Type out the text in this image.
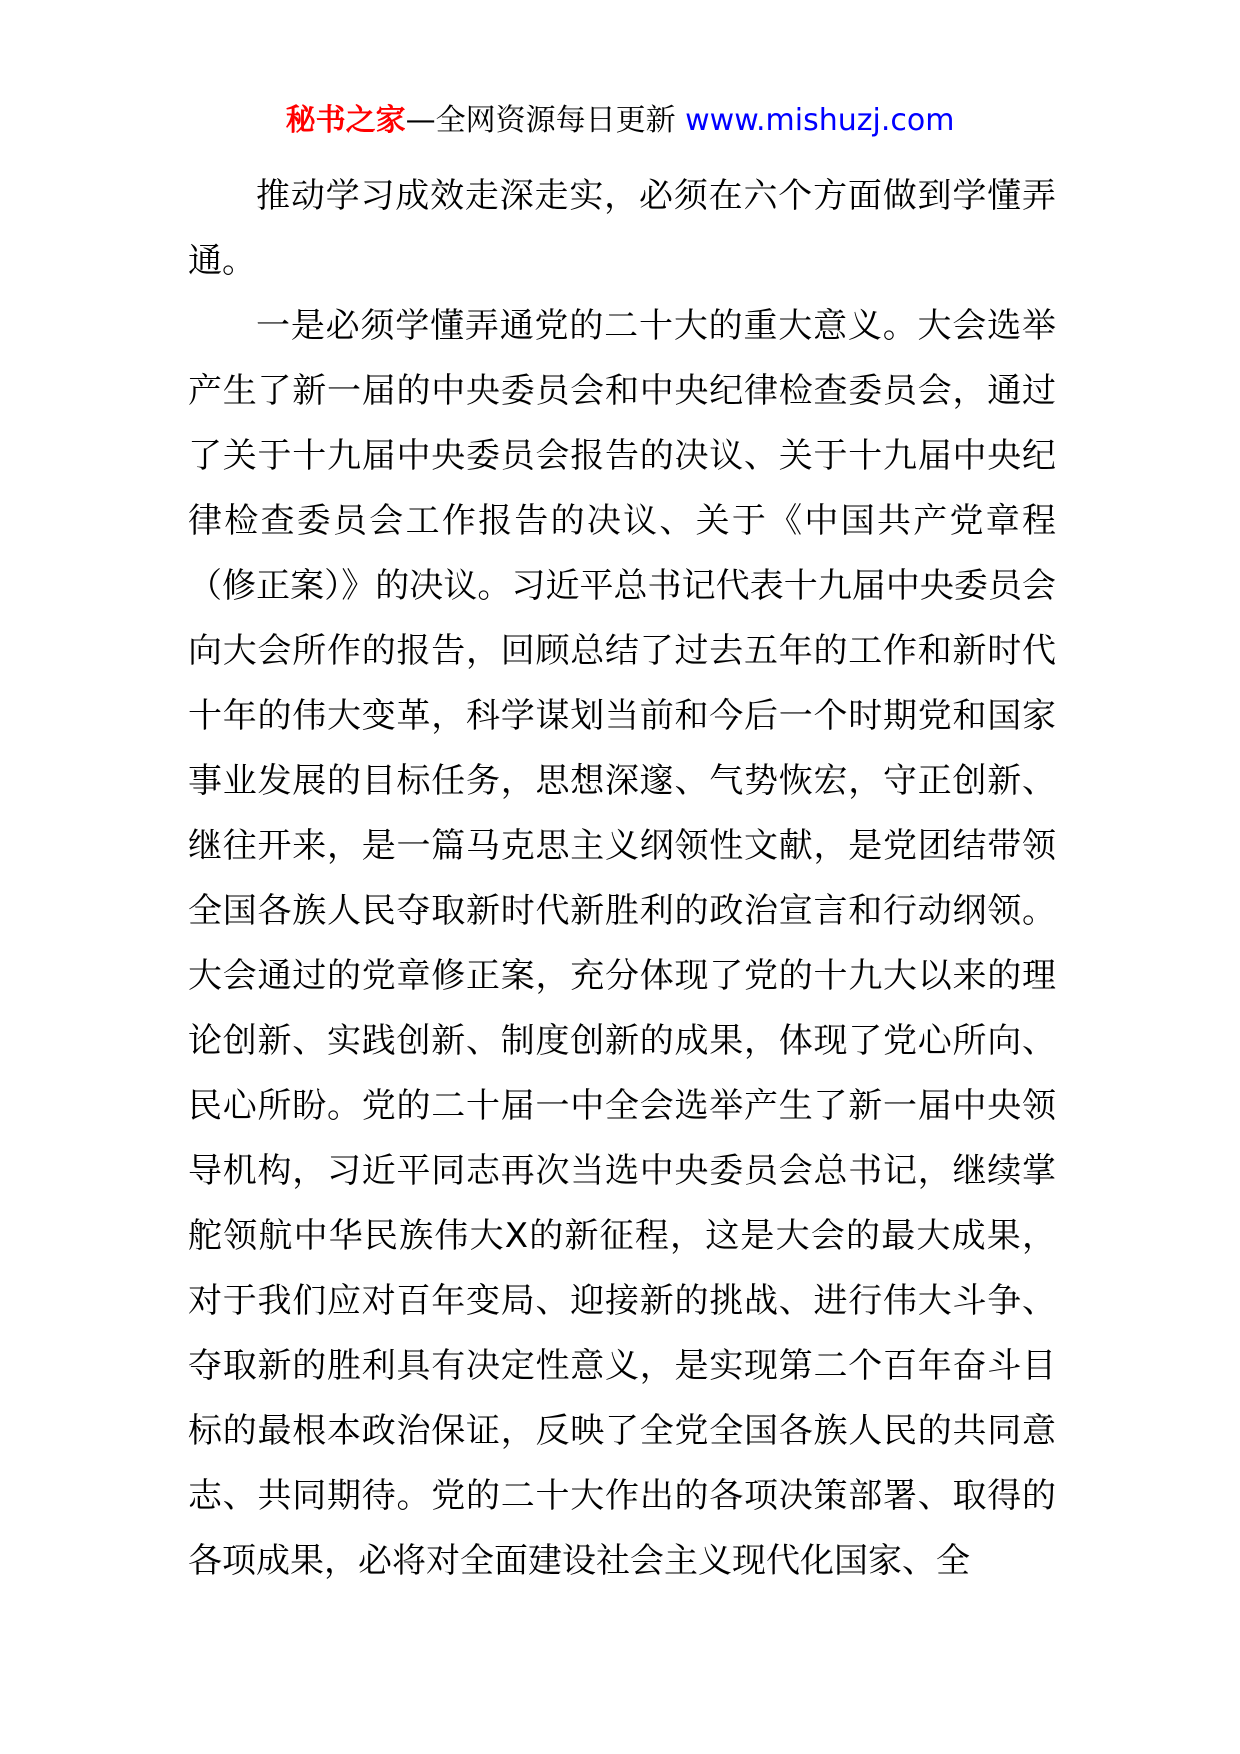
秘书之家—全网资源每日更新 www.mishuzj.com

推动学习成效走深走实，必须在六个方面做到学懂弄通。

一是必须学懂弄通党的二十大的重大意义。大会选举产生了新一届的中央委员会和中央纪律检查委员会，通过了关于十九届中央委员会报告的决议、关于十九届中央纪律检查委员会工作报告的决议、关于《中国共产党章程（修正案）》的决议。习近平总书记代表十九届中央委员会向大会所作的报告，回顾总结了过去五年的工作和新时代十年的伟大变革，科学谋划当前和今后一个时期党和国家事业发展的目标任务，思想深邃、气势恢宏，守正创新、继往开来，是一篇马克思主义纲领性文献，是党团结带领全国各族人民夺取新时代新胜利的政治宣言和行动纲领。大会通过的党章修正案，充分体现了党的十九大以来的理论创新、实践创新、制度创新的成果，体现了党心所向、民心所盼。党的二十届一中全会选举产生了新一届中央领导机构，习近平同志再次当选中央委员会总书记，继续掌舵领航中华民族伟大X的新征程，这是大会的最大成果，对于我们应对百年变局、迎接新的挑战、进行伟大斗争、夺取新的胜利具有决定性意义，是实现第二个百年奋斗目标的最根本政治保证，反映了全党全国各族人民的共同意志、共同期待。党的二十大作出的各项决策部署、取得的各项成果，必将对全面建设社会主义现代化国家、全
